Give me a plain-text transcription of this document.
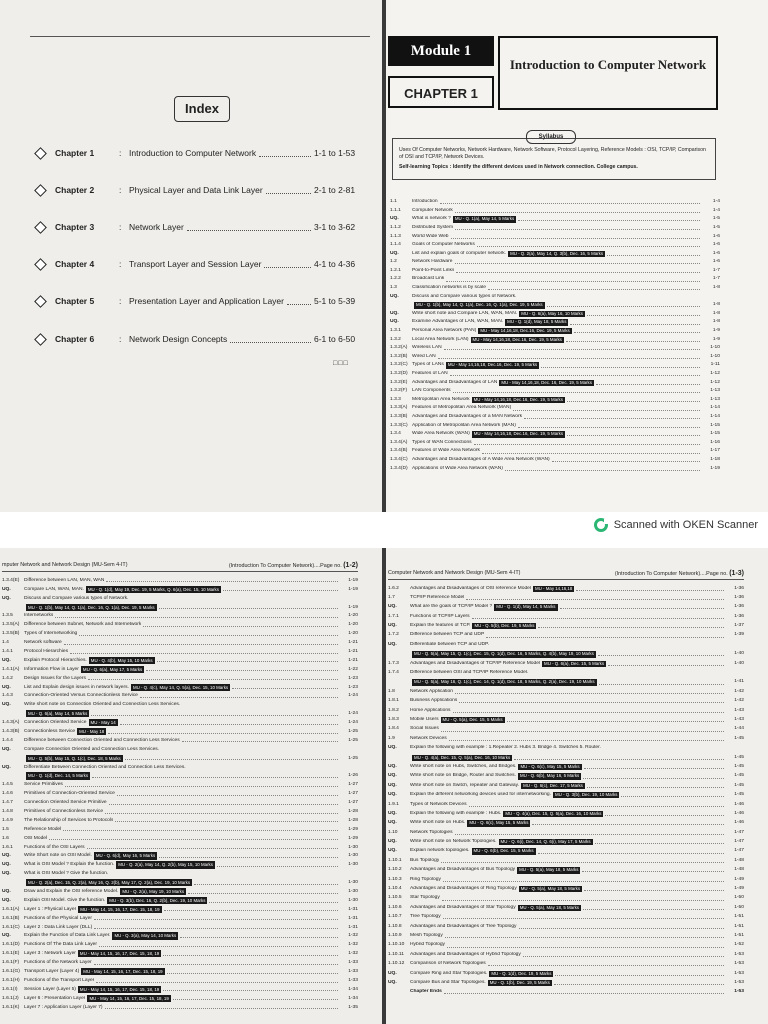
Index
Chapter 1	: Introduction to Computer Network	1-1 to 1-53
Chapter 2	: Physical Layer and Data Link Layer	2-1 to 2-81
Chapter 3	: Network Layer	3-1 to 3-62
Chapter 4	: Transport Layer and Session Layer	4-1 to 4-36
Chapter 5	: Presentation Layer and Application Layer	5-1 to 5-39
Chapter 6	: Network Design Concepts	6-1 to 6-50
□□□
Module 1
CHAPTER 1
Introduction to Computer Network
Uses Of Computer Networks, Network Hardware, Network Software, Protocol Layering, Reference Models : OSI, TCP/IP, Comparison of OSI and TCP/IP, Network Devices.
Self-learning Topics : Identify the different devices used in Network connection. College campus.
Syllabus
1.1	Introduction	1-4
1.1.1	Computer Network	1-4
UQ.	What is network ? MU - Q. 1(a), May 14, 5 Marks	1-5
1.1.2	Distributed System	1-5
1.1.3	World Wide Web	1-6
1.1.4	Goals of Computer Networks	1-6
UQ.	List and explain goals of computer network. MU - Q. 2(a), May 14, Q. 3(b), Dec. 16, 5 Marks	1-6
1.2	Network Hardware	1-6
1.2.1	Point-to-Point Links	1-7
1.2.2	Broadcast Link	1-7
1.3	Classification networks is by scale	1-8
UQ.	Discuss and Compare various types of Network.
MU - Q. 1(b), May 14, Q. 1(a), Dec. 16, Q. 1(a), Dec. 19, 5 Marks	1-8
UQ.	Write short note and Compare LAN, WAN, MAN. MU - Q. 6(a), May 16, 10 Marks	1-8
UQ.	Examine Advantages of LAN, WAN, MAN. MU - Q. 1(d), May 18, 5 Marks	1-8
1.3.1	Personal Area Network (PAN) MU - May 14,16,18, Dec.16, Dec. 19, 5 Marks	1-9
1.3.2	Local Area Network (LAN) MU - May 14,16,18, Dec.16, Dec. 19, 5 Marks	1-9
1.3.2(A) Wireless LAN	1-10
1.3.2(B) Wired LAN	1-10
1.3.2(C) Types of LANs MU - May 14,16,18, Dec.16, Dec. 19, 5 Marks	1-11
1.3.2(D) Features of LAN	1-12
1.3.2(E) Advantages and Disadvantages of LAN MU - May 14,16,18, Dec. 16, Dec. 19, 5 Marks	1-12
1.3.2(F) LAN Components	1-13
1.3.3	Metropolitan Area Network MU - May 14,16,18, Dec.16, Dec. 19, 5 Marks	1-13
1.3.3(A) Features of Metropolitan Area Network (MAN)	1-14
1.3.3(B) Advantages and Disadvantages of a MAN Network	1-14
1.3.3(C) Application of Metropolitan Area Network (MAN)	1-15
1.3.4	Wide Area Network (WAN) MU - May 14,16,18, Dec.16, Dec. 19, 5 Marks	1-15
1.3.4(A) Types of WAN Connections	1-16
1.3.4(B) Features of Wide Area Network	1-17
1.3.4(C) Advantages and Disadvantages of A Wide Area Network (WAN)	1-18
1.3.4(D) Applications of Wide Area Network (WAN)	1-19
Scanned with OKEN Scanner
mputer Network and Network Design (MU-Sem 4-IT)	(Introduction To Computer Network)....Page no. (1-2)
1.3.4(E) Difference between LAN, MAN, WAN	1-19
UQ.	Compare LAN, WAN, MAN. MU - Q. 1(d), May 19, Dec. 19, 5 Marks, Q. 6(a), Dec. 15, 10 Marks	1-19
UQ.	Discuss and Compare various types of Network.
MU - Q. 1(b), May 14, Q. 1(a), Dec. 16, Q. 1(a), Dec. 19, 5 Marks	1-19
1.3.5	Internetworks	1-20
1.3.5(A) Difference between Subnet, Network and Internetwork	1-20
1.3.5(B) Types of Internetworking	1-20
1.4	Network software	1-21
1.4.1	Protocol Hierarchies	1-21
UQ.	Explain Protocol Hierarchies. MU - Q. 4(b), May 15, 10 Marks	1-21
1.4.1(A) Information Flow in Layer MU - Q. 6(a), May 17, 5 Marks	1-22
1.4.2	Design Issues for the Layers	1-23
UQ.	List and Explain design issues in network layers. MU - Q. 4(c), May 14, Q. 5(a), Dec. 15, 10 Marks	1-23
1.4.3	Connection-Oriented Versus Connectionless Service	1-24
UQ.	Write short note on Connection Oriented and Connection Less Services.
MU - Q. 6(a), May 14, 5 Marks	1-24
1.4.3(A) Connection Oriented Service MU - May 14	1-24
1.4.3(B) Connectionless Service MU - May 18	1-25
1.4.4	Difference between Connection Oriented and Connection Less Services	1-25
UQ.	Compare Connection Oriented and Connection Less Services.
MU - Q. 5(b), May 15, Q. 1(c), Dec. 18, 5 Marks	1-25
UQ.	Differentiate Between Connection Oriented and Connection Less Services.
MU - Q. 1(d), Dec. 14, 5 Marks	1-26
1.4.5	Service Primitives	1-27
1.4.6	Primitives of Connection-Oriented Service	1-27
1.4.7	Connection Oriented Service Primitive	1-27
1.4.8	Primitives of Connectionless Service	1-28
1.4.9	The Relationship of Services to Protocols	1-28
1.5	Reference Model	1-29
1.6	OSI Model	1-29
1.6.1	Functions of the OSI Layers	1-30
UQ.	Write Short note on OSI Model. MU - Q. 6(d), May 16, 5 Marks	1-30
UQ.	What is OSI Model ? Explain the function. MU - Q. 2(a), May 14, Q. 2(b), May 15, 10 Marks	1-30
UQ.	What is OSI Model ? Give the function.
MU - Q. 2(a), Dec. 15, Q. 2(a), May 16, Q. 2(b), May 17, Q. 2(a), Dec. 19, 10 Marks	1-30
UQ.	Draw and Explain the OSI reference Model. MU - Q. 2(a), May 19, 10 Marks	1-30
UQ.	Explain OSI Model. Give the function. MU - Q. 3(b), Dec. 16, Q. 2(b), Dec. 19, 10 Marks	1-30
1.6.1(A) Layer 1 : Physical Layer MU - May 14, 15, 16, 17, Dec. 15, 18, 19	1-31
1.6.1(B) Functions of the Physical Layer	1-31
1.6.1(C) Layer 2 : Data Link Layer (DLL)	1-31
UQ.	Explain the Function of Data Link Layer. MU - Q. 3(a), May 14, 10 Marks	1-32
1.6.1(D) Functions Of The Data Link Layer	1-32
1.6.1(E) Layer 3 : Network Layer MU - May 14, 15, 16, 17, Dec. 15, 18, 19	1-32
1.6.1(F) Functions of the Network Layer	1-33
1.6.1(G) Transport Layer (Layer 4) MU - May 14, 15, 16, 17, Dec. 15, 18, 19	1-33
1.6.1(H) Functions of the Transport Layer	1-33
1.6.1(I)	Session Layer (Layer 5) MU - May 14, 15, 16, 17, Dec. 15, 18, 19	1-34
1.6.1(J)	Layer 6 : Presentation Layer MU - May 14, 15, 16, 17, Dec. 15, 18, 19	1-34
1.6.1(K) Layer 7 : Application Layer (Layer 7)	1-35
Computer Network and Network Design (MU-Sem 4-IT)	(Introduction To Computer Network)....Page no. (1-3)
1.6.2	Advantages and Disadvantages of OSI reference Model MU - May 14,16,18	1-36
1.7	TCP/IP Reference Model	1-36
UQ.	What are the goals of TCP/IP Model ? MU - Q. 1(d), May 14, 5 Marks	1-36
1.7.1	Functions of TCP/IP Layers	1-36
UQ.	Explain the features of TCP. MU - Q. 5(b), Dec. 19, 5 Marks	1-37
1.7.2	Difference between TCP and UDP	1-39
UQ.	Differentiate between TCP and UDP.
MU - Q. 5(a), May 15, Q. 1(c), Dec. 15, Q. 1(d), Dec. 16, 5 Marks, Q. 4(b), May 19, 10 Marks	1-40
1.7.3	Advantages and Disadvantages of TCP/IP Reference Model MU - Q. 6(a), Dec. 15, 5 Marks	1-40
1.7.4	Difference between OSI and TCP/IP Reference Model.
MU - Q. 5(a), May 16, Q. 1(c), Dec. 14, Q. 1(d), Dec. 18, 5 Marks, Q. 2(a), Dec. 19, 10 Marks	1-41
1.8	Network Application	1-42
1.8.1	Business Applications	1-42
1.8.2	Home Applications	1-43
1.8.3	Mobile Users MU - Q. 5(a), Dec. 15, 5 Marks	1-43
1.8.4	Social Issues	1-44
1.9	Network Devices	1-45
UQ.	Explain the following with example : 1.Repeater 2. Hubs 3. Bridge 4. Switches 5. Router.
MU - Q. 4(a), Dec. 15, Q. 5(a), Dec. 16, 10 Marks	1-45
UQ.	Write short note on Hubs, Switches, and Bridges. MU - Q. 6(c), May 15, 5 Marks	1-45
UQ.	Write short note on Bridge, Router and Switches. MU - Q. 6(b), May 16, 5 Marks	1-45
UQ.	Write short note on Switch, repeater and Gateway. MU - Q. 6(c), Dec. 17, 5 Marks	1-45
UQ.	Explain the different networking devices used for internetworking. MU - Q. 3(b), Dec. 19, 10 Marks	1-45
1.9.1	Types of Network Devices	1-46
UQ.	Explain the following with example : Hubs. MU - Q. 4(a), Dec. 15, Q. 5(a), Dec. 16, 10 Marks	1-46
UQ.	Write short note on Hubs. MU - Q. 6(c), May 15, 5 Marks	1-46
1.10	Network Topologies	1-47
UQ.	Write short note on Network Topologies. MU - Q. 6(i), Dec. 14, Q. 6(i), May 17, 5 Marks	1-47
UQ.	Explain network topologies. MU - Q. 6(b), Dec. 15, 5 Marks	1-47
1.10.1	Bus Topology	1-48
1.10.2	Advantages and Disadvantages of Bus Topology MU - Q. 5(a), May 18, 5 Marks	1-48
1.10.3	Ring Topology	1-49
1.10.4	Advantages and Disadvantages of Ring Topology MU - Q. 5(a), May 18, 5 Marks	1-49
1.10.5	Star Topology	1-50
1.10.6	Advantages and Disadvantages of Star Topology MU - Q. 5(a), May 18, 5 Marks	1-50
1.10.7	Tree Topology	1-51
1.10.8	Advantages and Disadvantages of Tree Topology	1-51
1.10.9	Mesh Topology	1-51
1.10.10	Hybrid Topology	1-52
1.10.11	Advantages and Disadvantages of Hybrid Topology	1-53
1.10.12	Comparison of Network Topologies	1-53
UQ.	Compare Ring and Star Topologies. MU - Q. 1(d), Dec. 19, 5 Marks	1-53
UQ.	Compare Bus and Star Topologies. MU - Q. 1(b), Dec. 19, 5 Marks	1-53
Chapter Ends	1-53
